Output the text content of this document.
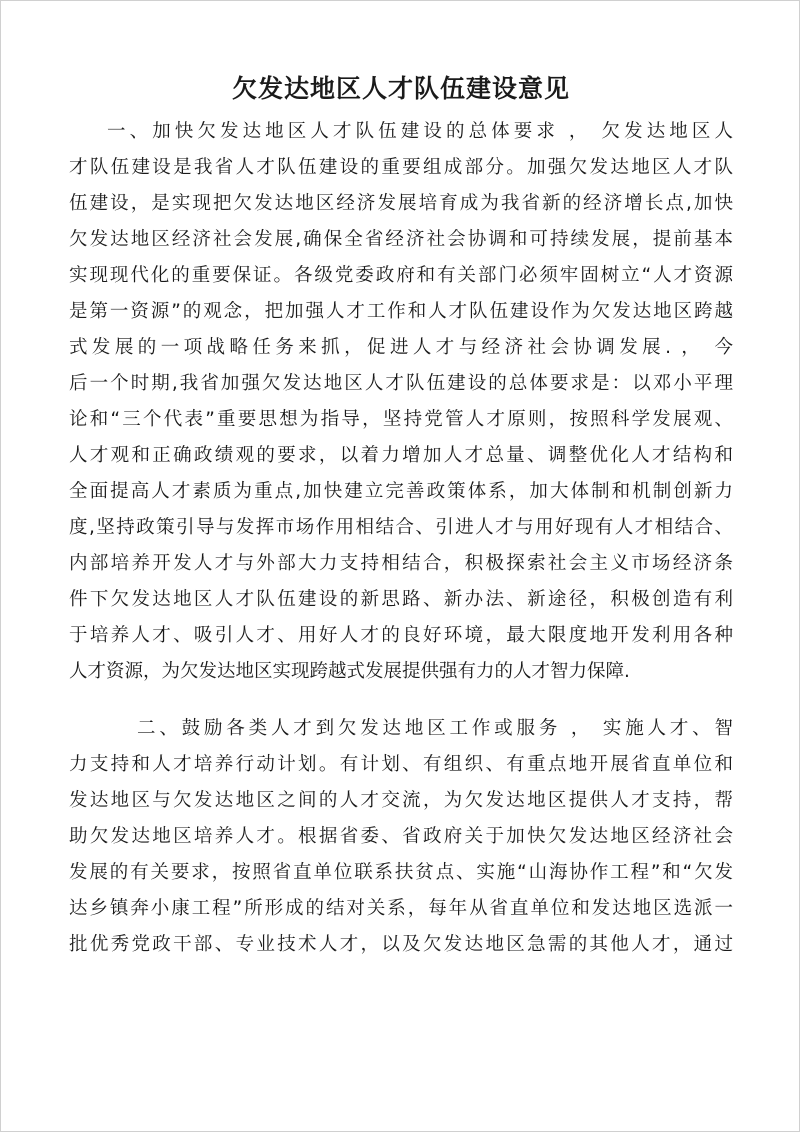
欠发达地区人才队伍建设意见
一、加快欠发达地区人才队伍建设的总体要求 ， 欠发达地区人
才队伍建设是我省人才队伍建设的重要组成部分。加强欠发达地区人才队
伍建设，是实现把欠发达地区经济发展培育成为我省新的经济增长点,加快
欠发达地区经济社会发展,确保全省经济社会协调和可持续发展，提前基本
实现现代化的重要保证。各级党委政府和有关部门必须牢固树立“人才资源
是第一资源”的观念，把加强人才工作和人才队伍建设作为欠发达地区跨越
式发展的一项战略任务来抓，促进人才与经济社会协调发展. ， 今
后一个时期,我省加强欠发达地区人才队伍建设的总体要求是：以邓小平理
论和“三个代表”重要思想为指导，坚持党管人才原则，按照科学发展观、
人才观和正确政绩观的要求，以着力增加人才总量、调整优化人才结构和
全面提高人才素质为重点,加快建立完善政策体系，加大体制和机制创新力
度,坚持政策引导与发挥市场作用相结合、引进人才与用好现有人才相结合、
内部培养开发人才与外部大力支持相结合，积极探索社会主义市场经济条
件下欠发达地区人才队伍建设的新思路、新办法、新途径，积极创造有利
于培养人才、吸引人才、用好人才的良好环境，最大限度地开发利用各种
人才资源，为欠发达地区实现跨越式发展提供强有力的人才智力保障.
二、鼓励各类人才到欠发达地区工作或服务 ， 实施人才、智
力支持和人才培养行动计划。有计划、有组织、有重点地开展省直单位和
发达地区与欠发达地区之间的人才交流，为欠发达地区提供人才支持，帮
助欠发达地区培养人才。根据省委、省政府关于加快欠发达地区经济社会
发展的有关要求，按照省直单位联系扶贫点、实施“山海协作工程”和“欠发
达乡镇奔小康工程”所形成的结对关系，每年从省直单位和发达地区选派一
批优秀党政干部、专业技术人才，以及欠发达地区急需的其他人才，通过
